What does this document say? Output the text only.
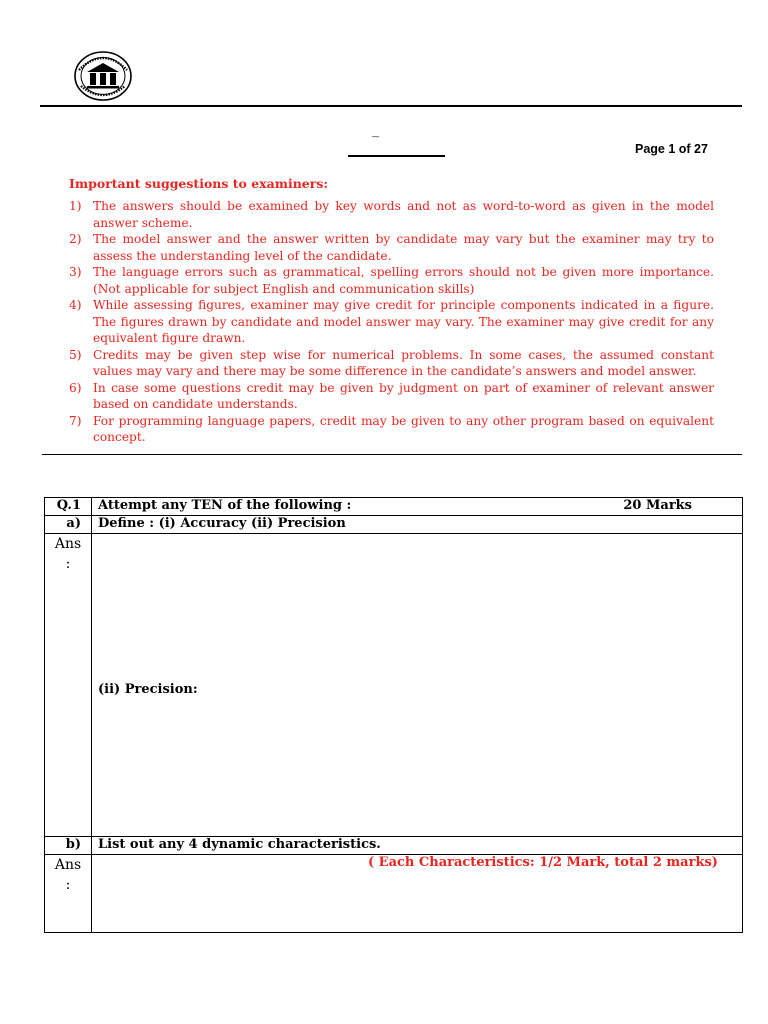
_
Page 1 of 27
Important suggestions to examiners:
1) The answers should be examined by key words and not as word-to-word as given in the model answer scheme.
2) The model answer and the answer written by candidate may vary but the examiner may try to assess the understanding level of the candidate.
3) The language errors such as grammatical, spelling errors should not be given more importance. (Not applicable for subject English and communication skills)
4) While assessing figures, examiner may give credit for principle components indicated in a figure. The figures drawn by candidate and model answer may vary. The examiner may give credit for any equivalent figure drawn.
5) Credits may be given step wise for numerical problems. In some cases, the assumed constant values may vary and there may be some difference in the candidate’s answers and model answer.
6) In case some questions credit may be given by judgment on part of examiner of relevant answer based on candidate understands.
7) For programming language papers, credit may be given to any other program based on equivalent concept.
Q.1	Attempt any TEN of the following : 20 Marks

a)	Define : (i) Accuracy (ii) Precision
Ans
:	(ii) Precision:
b)	List out any 4 dynamic characteristics.
Ans
:	( Each Characteristics: 1/2 Mark, total 2 marks)
